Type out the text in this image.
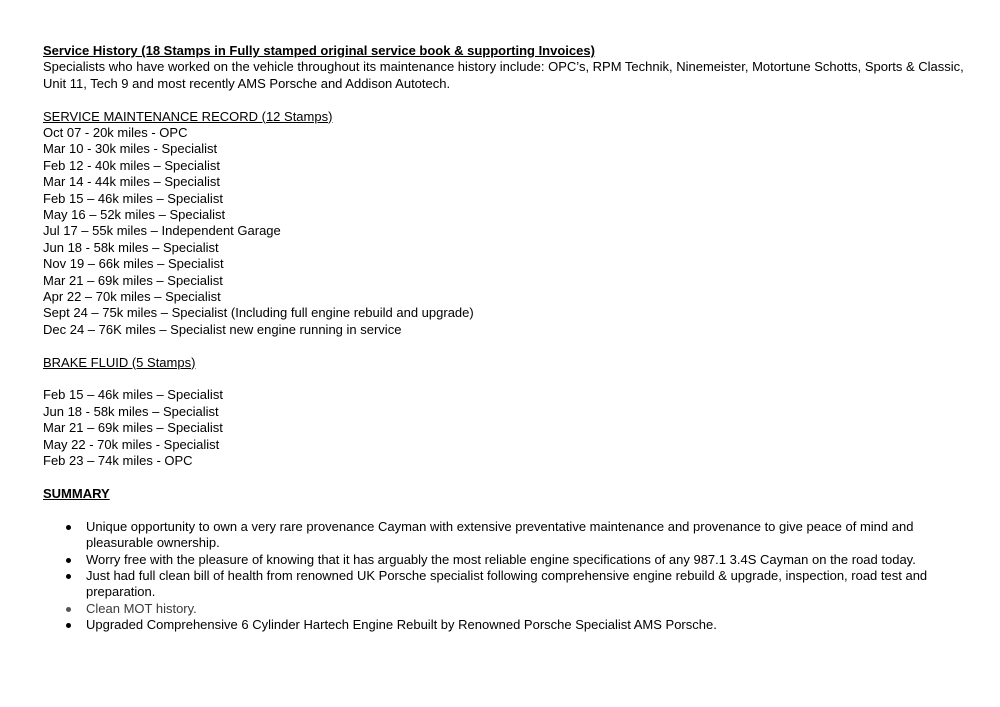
Service History (18 Stamps in Fully stamped original service book & supporting Invoices)
Specialists who have worked on the vehicle throughout its maintenance history include: OPC’s, RPM Technik, Ninemeister, Motortune Schotts, Sports & Classic, Unit 11, Tech 9 and most recently AMS Porsche and Addison Autotech.
SERVICE MAINTENANCE RECORD (12 Stamps)
Oct 07 - 20k miles - OPC
Mar 10 - 30k miles - Specialist
Feb 12 - 40k miles – Specialist
Mar 14 - 44k miles – Specialist
Feb 15 – 46k miles – Specialist
May 16 – 52k miles – Specialist
Jul 17 – 55k miles – Independent Garage
Jun 18 - 58k miles – Specialist
Nov 19 – 66k miles – Specialist
Mar 21 – 69k miles – Specialist
Apr 22 – 70k miles – Specialist
Sept 24 – 75k miles – Specialist (Including full engine rebuild and upgrade)
Dec 24 – 76K miles – Specialist new engine running in service
BRAKE FLUID (5 Stamps)
Feb 15 – 46k miles – Specialist
Jun 18 - 58k miles – Specialist
Mar 21 – 69k miles – Specialist
May 22 - 70k miles - Specialist
Feb 23 – 74k miles - OPC
SUMMARY
Unique opportunity to own a very rare provenance Cayman with extensive preventative maintenance and provenance to give peace of mind and pleasurable ownership.
Worry free with the pleasure of knowing that it has arguably the most reliable engine specifications of any 987.1 3.4S Cayman on the road today.
Just had full clean bill of health from renowned UK Porsche specialist following comprehensive engine rebuild & upgrade, inspection, road test and preparation.
Clean MOT history.
Upgraded Comprehensive 6 Cylinder Hartech Engine Rebuilt by Renowned Porsche Specialist AMS Porsche.
